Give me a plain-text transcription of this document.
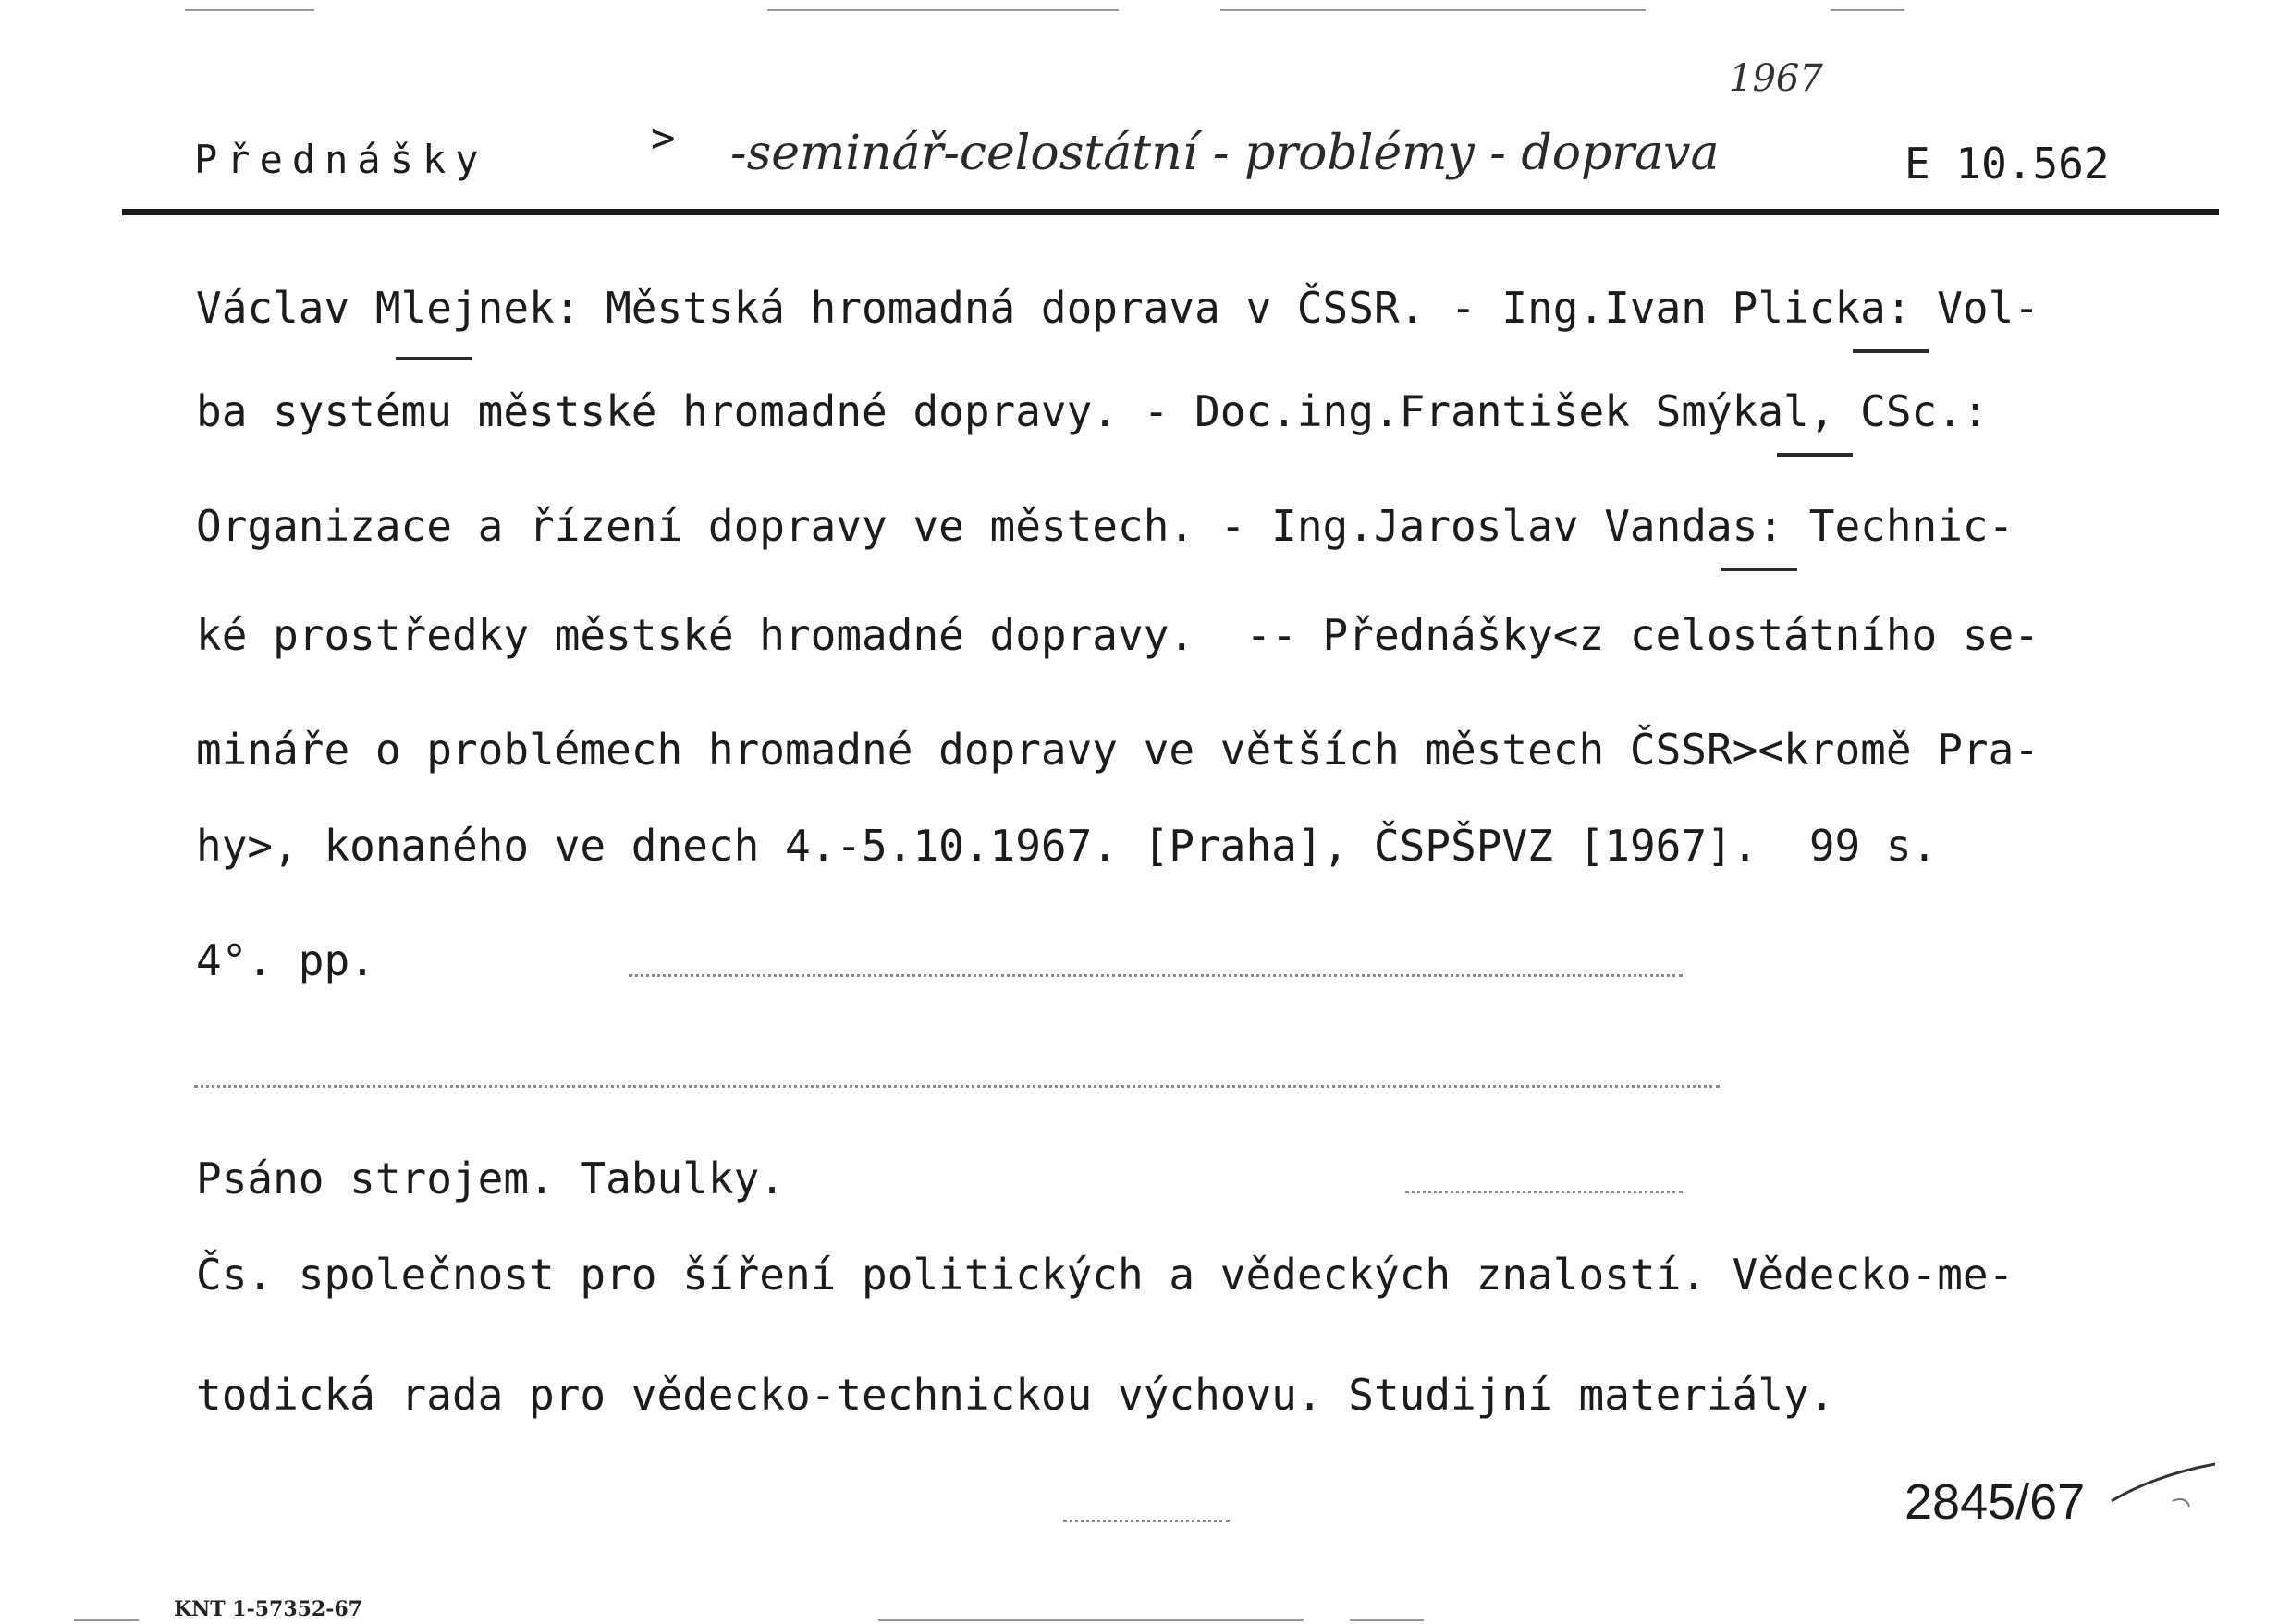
1967
Přednášky	> -seminář-celostátní - problémy - doprava	E 10.562
Václav Mlejnek: Městská hromadná doprava v ČSSR. - Ing.Ivan Plicka: Vol-
ba systému městské hromadné dopravy. - Doc.ing.František Smýkal, CSc.:
Organizace a řízení dopravy ve městech. - Ing.Jaroslav Vandas: Technic-
ké prostředky městské hromadné dopravy.  -- Přednášky<z celostátního se-
mináře o problémech hromadné dopravy ve větších městech ČSSR><kromě Pra-
hy>, konaného ve dnech 4.-5.10.1967. [Praha], ČSPŠPVZ [1967].  99 s.
4°. pp.
Psáno strojem. Tabulky.
Čs. společnost pro šíření politických a vědeckých znalostí. Vědecko-me-
todická rada pro vědecko-technickou výchovu. Studijní materiály.
2845/67
KNT 1-57352-67
